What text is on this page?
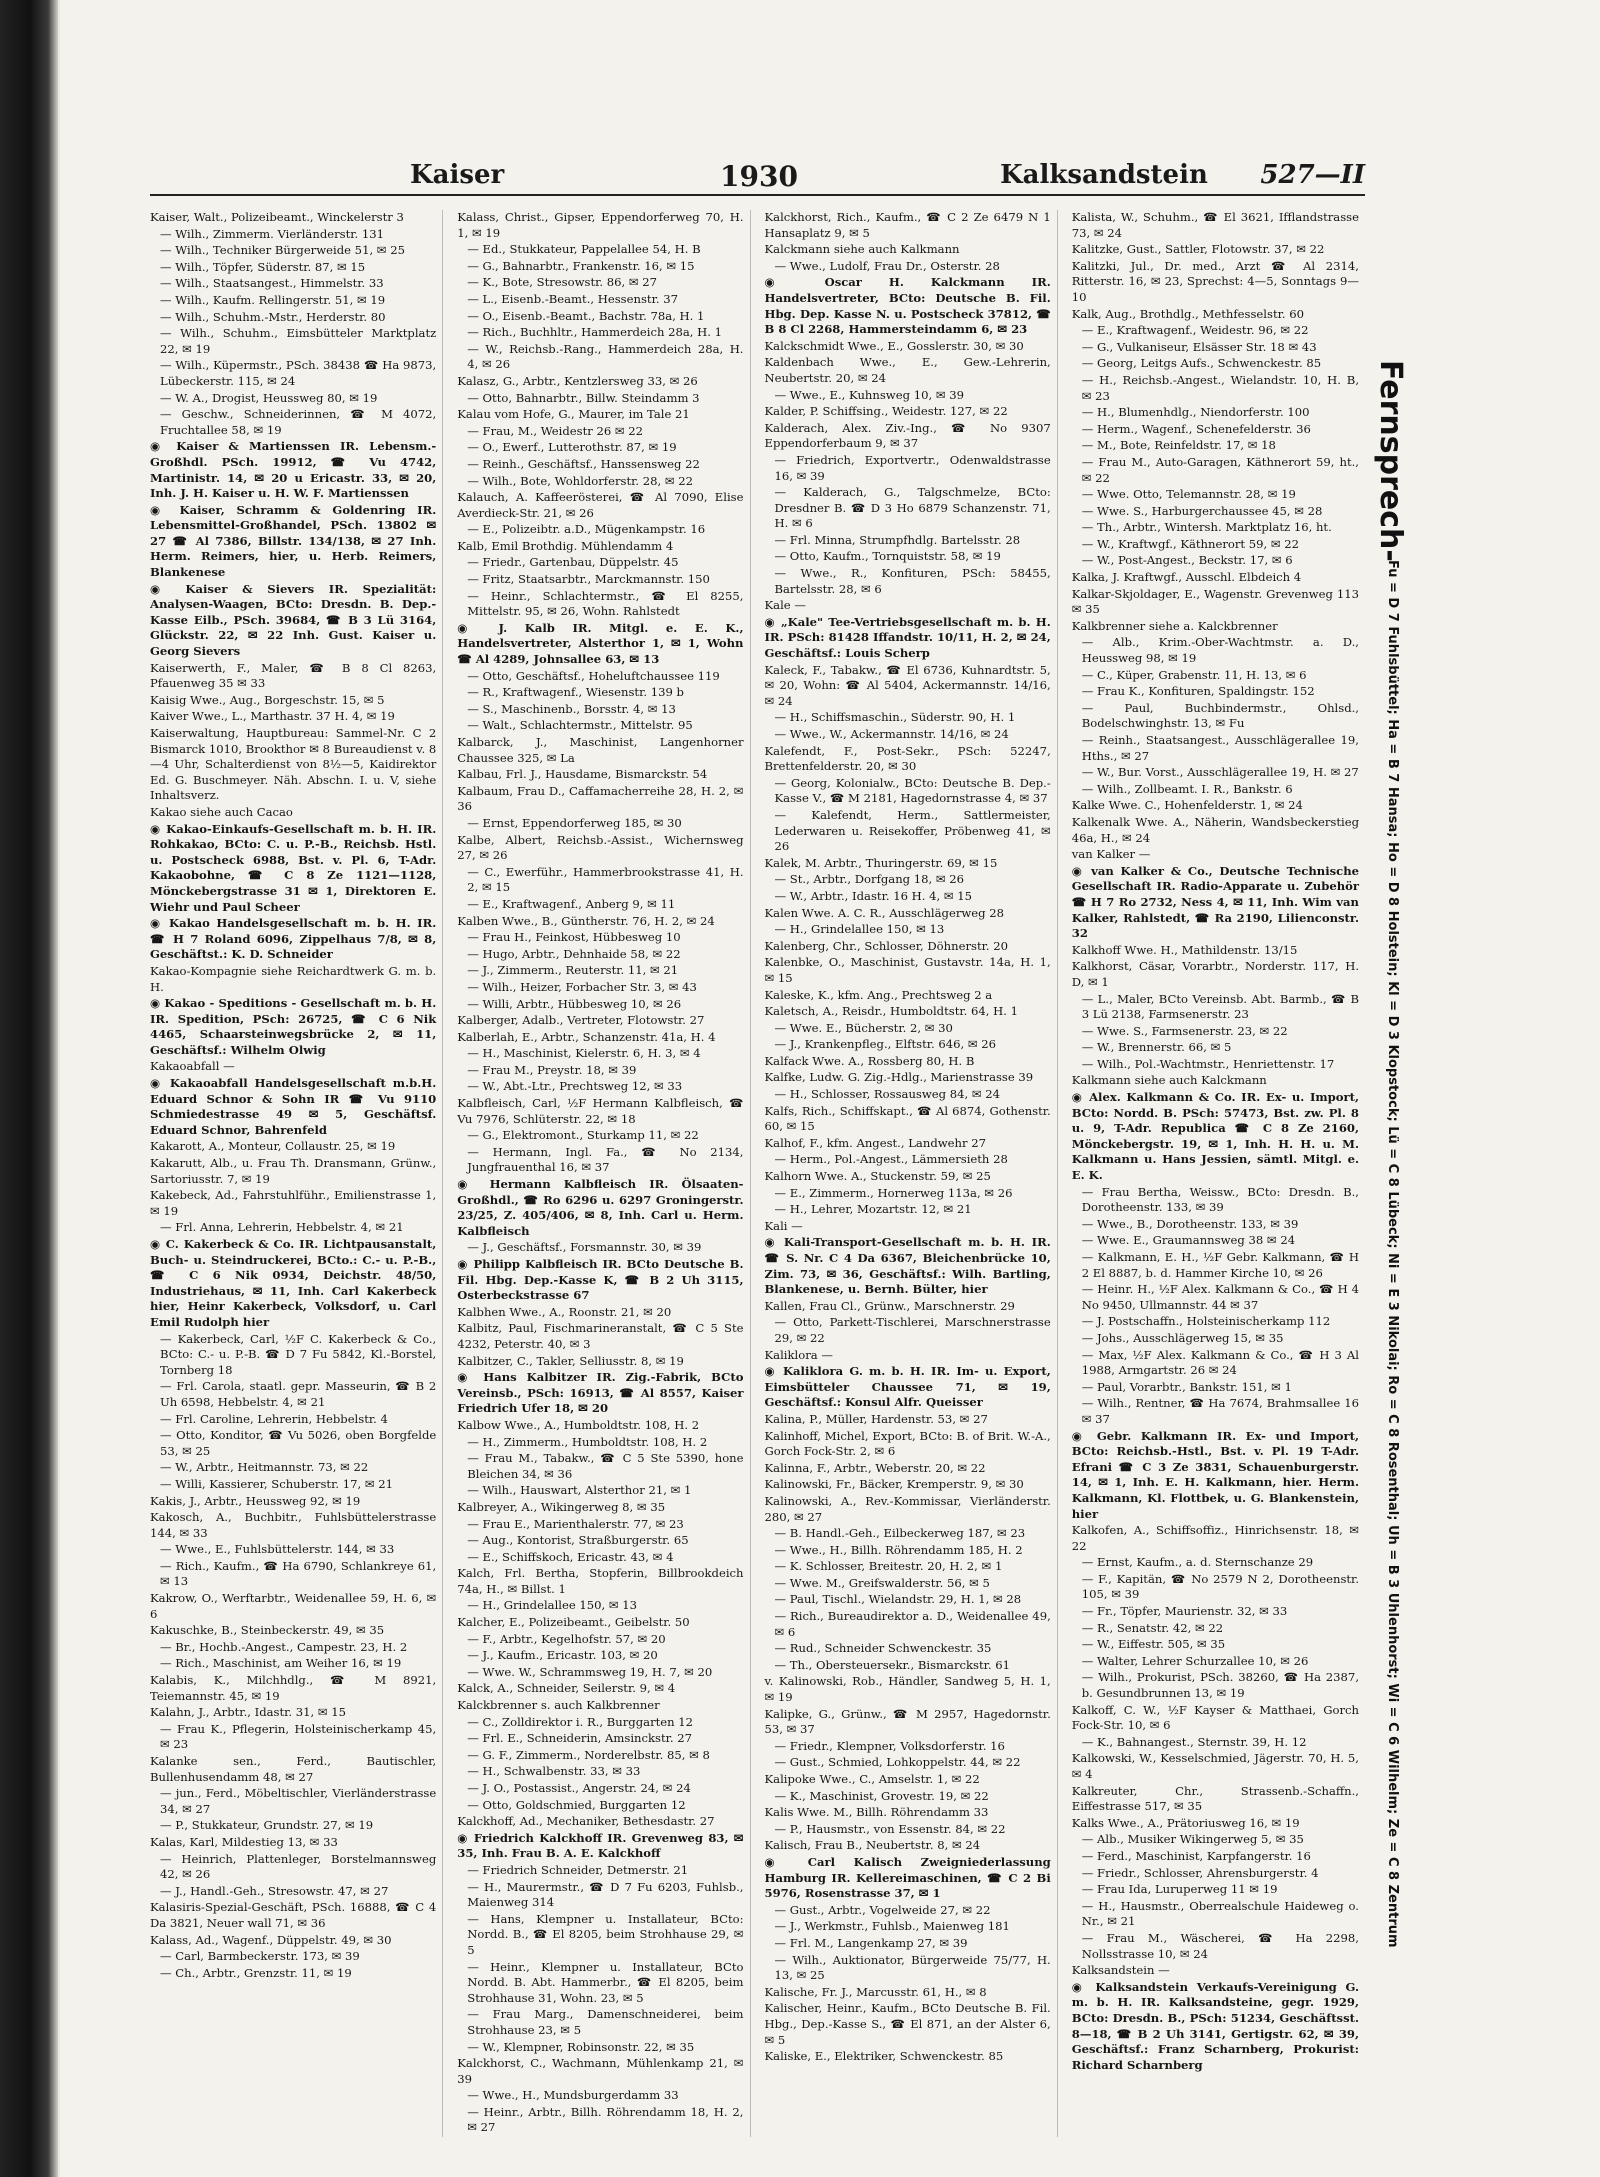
Kaiser	1930	Kalksandstein 527—II
Kaiser, Walt., Polizeibeamt., Winckelerstr 3
— Wilh., Zimmerm. Vierländerstr. 131
— Wilh., Techniker Bürgerweide 51, ✉ 25
— Wilh., Töpfer, Süderstr. 87, ✉ 15
— Wilh., Staatsangest., Himmelstr. 33
— Wilh., Kaufm. Rellingerstr. 51, ✉ 19
— Wilh., Schuhm.-Mstr., Herderstr. 80
— Wilh., Schuhm., Eimsbütteler Marktplatz 22, ✉ 19
— Wilh., Küpermstr., PSch. 38438 ☎ Ha 9873, Lübeckerstr. 115, ✉ 24
— W. A., Drogist, Heussweg 80, ✉ 19
— Geschw., Schneiderinnen, ☎ M 4072, Fruchtallee 58, ✉ 19
◉ Kaiser & Martienssen IR. Lebensm.-Großhdl. PSch. 19912, ☎ Vu 4742, Martinistr. 14, ✉ 20 u Ericastr. 33, ✉ 20, Inh. J. H. Kaiser u. H. W. F. Martienssen
◉ Kaiser, Schramm & Goldenring IR. Lebensmittel-Großhandel, PSch. 13802 ✉ 27 ☎ Al 7386, Billstr. 134/138, ✉ 27 Inh. Herm. Reimers, hier, u. Herb. Reimers, Blankenese
◉ Kaiser & Sievers IR. Spezialität: Analysen-Waagen, BCto: Dresdn. B. Dep.-Kasse Eilb., PSch. 39684, ☎ B 3 Lü 3164, Glückstr. 22, ✉ 22 Inh. Gust. Kaiser u. Georg Sievers
Kaiserwerth, F., Maler, ☎ B 8 Cl 8263, Pfauenweg 35 ✉ 33
Kaisig Wwe., Aug., Borgeschstr. 15, ✉ 5
Kaiver Wwe., L., Marthastr. 37 H. 4, ✉ 19
Kaiserwaltung, Hauptbureau: Sammel-Nr. C 2 Bismarck 1010, Brookthor ✉ 8 Bureaudienst v. 8—4 Uhr, Schalterdienst von 8½—5, Kaidirektor Ed. G. Buschmeyer. Näh. Abschn. I. u. V, siehe Inhaltsverz.
Kakao siehe auch Cacao
◉ Kakao-Einkaufs-Gesellschaft m. b. H. IR. Rohkakao, BCto: C. u. P.-B., Reichsb. Hstl. u. Postscheck 6988, Bst. v. Pl. 6, T-Adr. Kakaobohne, ☎ C 8 Ze 1121—1128, Mönckebergstrasse 31 ✉ 1, Direktoren E. Wiehr und Paul Scheer
◉ Kakao Handelsgesellschaft m. b. H. IR. ☎ H 7 Roland 6096, Zippelhaus 7/8, ✉ 8, Geschäftst.: K. D. Schneider
Kakao-Kompagnie siehe Reichardtwerk G. m. b. H.
◉ Kakao - Speditions - Gesellschaft m. b. H. IR. Spedition, PSch: 26725, ☎ C 6 Nik 4465, Schaarsteinwegsbrücke 2, ✉ 11, Geschäftsf.: Wilhelm Olwig
Kakaoabfall —
◉ Kakaoabfall Handelsgesellschaft m.b.H. Eduard Schnor & Sohn IR ☎ Vu 9110 Schmiedestrasse 49 ✉ 5, Geschäftsf. Eduard Schnor, Bahrenfeld
Kakarott, A., Monteur, Collaustr. 25, ✉ 19
Kakarutt, Alb., u. Frau Th. Dransmann, Grünw., Sartoriusstr. 7, ✉ 19
Kakebeck, Ad., Fahrstuhlführ., Emilienstrasse 1, ✉ 19
— Frl. Anna, Lehrerin, Hebbelstr. 4, ✉ 21
◉ C. Kakerbeck & Co. IR. Lichtpausanstalt, Buch- u. Steindruckerei, BCto.: C.- u. P.-B., ☎ C 6 Nik 0934, Deichstr. 48/50, Industriehaus, ✉ 11, Inh. Carl Kakerbeck hier, Heinr Kakerbeck, Volksdorf, u. Carl Emil Rudolph hier
— Kakerbeck, Carl, ½F C. Kakerbeck & Co., BCto: C.- u. P.-B. ☎ D 7 Fu 5842, Kl.-Borstel, Tornberg 18
— Frl. Carola, staatl. gepr. Masseurin, ☎ B 2 Uh 6598, Hebbelstr. 4, ✉ 21
— Frl. Caroline, Lehrerin, Hebbelstr. 4
— Otto, Konditor, ☎ Vu 5026, oben Borgfelde 53, ✉ 25
— W., Arbtr., Heitmannstr. 73, ✉ 22
— Willi, Kassierer, Schuberstr. 17, ✉ 21
Kakis, J., Arbtr., Heussweg 92, ✉ 19
Kakosch, A., Buchbitr., Fuhlsbüttelerstrasse 144, ✉ 33
— Wwe., E., Fuhlsbüttelerstr. 144, ✉ 33
— Rich., Kaufm., ☎ Ha 6790, Schlankreye 61, ✉ 13
Kakrow, O., Werftarbtr., Weidenallee 59, H. 6, ✉ 6
Kakuschke, B., Steinbeckerstr. 49, ✉ 35
— Br., Hochb.-Angest., Campestr. 23, H. 2
— Rich., Maschinist, am Weiher 16, ✉ 19
Kalabis, K., Milchhdlg., ☎ M 8921, Teiemannstr. 45, ✉ 19
Kalahn, J., Arbtr., Idastr. 31, ✉ 15
— Frau K., Pflegerin, Holsteinischerkamp 45, ✉ 23
Kalanke sen., Ferd., Bautischler, Bullenhusendamm 48, ✉ 27
— jun., Ferd., Möbeltischler, Vierländerstrasse 34, ✉ 27
— P., Stukkateur, Grundstr. 27, ✉ 19
Kalas, Karl, Mildestieg 13, ✉ 33
— Heinrich, Plattenleger, Borstelmannsweg 42, ✉ 26
— J., Handl.-Geh., Stresowstr. 47, ✉ 27
Kalasiris-Spezial-Geschäft, PSch. 16888, ☎ C 4 Da 3821, Neuer wall 71, ✉ 36
Kalass, Ad., Wagenf., Düppelstr. 49, ✉ 30
— Carl, Barmbeckerstr. 173, ✉ 39
— Ch., Arbtr., Grenzstr. 11, ✉ 19
Kalass, Christ., Gipser, Eppendorferweg 70, H. 1, ✉ 19
— Ed., Stukkateur, Pappelallee 54, H. B
— G., Bahnarbtr., Frankenstr. 16, ✉ 15
— K., Bote, Stresowstr. 86, ✉ 27
— L., Eisenb.-Beamt., Hessenstr. 37
— O., Eisenb.-Beamt., Bachstr. 78a, H. 1
— Rich., Buchhltr., Hammerdeich 28a, H. 1
— W., Reichsb.-Rang., Hammerdeich 28a, H. 4, ✉ 26
Kalasz, G., Arbtr., Kentzlersweg 33, ✉ 26
— Otto, Bahnarbtr., Billw. Steindamm 3
Kalau vom Hofe, G., Maurer, im Tale 21
— Frau, M., Weidestr 26 ✉ 22
— O., Ewerf., Lutterothstr. 87, ✉ 19
— Reinh., Geschäftsf., Hanssensweg 22
— Wilh., Bote, Wohldorferstr. 28, ✉ 22
Kalauch, A. Kaffeerösterei, ☎ Al 7090, Elise Averdieck-Str. 21, ✉ 26
— E., Polizeibtr. a.D., Mügenkampstr. 16
Kalb, Emil Brothdig. Mühlendamm 4
— Friedr., Gartenbau, Düppelstr. 45
— Fritz, Staatsarbtr., Marckmannstr. 150
— Heinr., Schlachtermstr., ☎ El 8255, Mittelstr. 95, ✉ 26, Wohn. Rahlstedt
◉ J. Kalb IR. Mitgl. e. E. K., Handelsvertreter, Alsterthor 1, ✉ 1, Wohn ☎ Al 4289, Johnsallee 63, ✉ 13
— Otto, Geschäftsf., Hoheluftchaussee 119
— R., Kraftwagenf., Wiesenstr. 139 b
— S., Maschinenb., Borsstr. 4, ✉ 13
— Walt., Schlachtermstr., Mittelstr. 95
Kalbarck, J., Maschinist, Langenhorner Chaussee 325, ✉ La
Kalbau, Frl. J., Hausdame, Bismarckstr. 54
Kalbaum, Frau D., Caffamacherreihe 28, H. 2, ✉ 36
— Ernst, Eppendorferweg 185, ✉ 30
Kalbe, Albert, Reichsb.-Assist., Wichernsweg 27, ✉ 26
— C., Ewerführ., Hammerbrookstrasse 41, H. 2, ✉ 15
— E., Kraftwagenf., Anberg 9, ✉ 11
Kalben Wwe., B., Güntherstr. 76, H. 2, ✉ 24
— Frau H., Feinkost, Hübbesweg 10
— Hugo, Arbtr., Dehnhaide 58, ✉ 22
— J., Zimmerm., Reuterstr. 11, ✉ 21
— Wilh., Heizer, Forbacher Str. 3, ✉ 43
— Willi, Arbtr., Hübbesweg 10, ✉ 26
Kalberger, Adalb., Vertreter, Flotowstr. 27
Kalberlah, E., Arbtr., Schanzenstr. 41a, H. 4
— H., Maschinist, Kielerstr. 6, H. 3, ✉ 4
— Frau M., Preystr. 18, ✉ 39
— W., Abt.-Ltr., Prechtsweg 12, ✉ 33
Kalbfleisch, Carl, ½F Hermann Kalbfleisch, ☎ Vu 7976, Schlüterstr. 22, ✉ 18
— G., Elektromont., Sturkamp 11, ✉ 22
— Hermann, Ingl. Fa., ☎ No 2134, Jungfrauenthal 16, ✉ 37
◉ Hermann Kalbfleisch IR. Ölsaaten-Großhdl., ☎ Ro 6296 u. 6297 Groningerstr. 23/25, Z. 405/406, ✉ 8, Inh. Carl u. Herm. Kalbfleisch
— J., Geschäftsf., Forsmannstr. 30, ✉ 39
◉ Philipp Kalbfleisch IR. BCto Deutsche B. Fil. Hbg. Dep.-Kasse K, ☎ B 2 Uh 3115, Osterbeckstrasse 67
Kalbhen Wwe., A., Roonstr. 21, ✉ 20
Kalbitz, Paul, Fischmarineranstalt, ☎ C 5 Ste 4232, Peterstr. 40, ✉ 3
Kalbitzer, C., Takler, Selliusstr. 8, ✉ 19
◉ Hans Kalbitzer IR. Zig.-Fabrik, BCto Vereinsb., PSch: 16913, ☎ Al 8557, Kaiser Friedrich Ufer 18, ✉ 20
Kalbow Wwe., A., Humboldtstr. 108, H. 2
— H., Zimmerm., Humboldtstr. 108, H. 2
— Frau M., Tabakw., ☎ C 5 Ste 5390, hone Bleichen 34, ✉ 36
— Wilh., Hauswart, Alsterthor 21, ✉ 1
Kalbreyer, A., Wikingerweg 8, ✉ 35
— Frau E., Marienthalerstr. 77, ✉ 23
— Aug., Kontorist, Straßburgerstr. 65
— E., Schiffskoch, Ericastr. 43, ✉ 4
Kalch, Frl. Bertha, Stopferin, Billbrookdeich 74a, H., ✉ Billst. 1
— H., Grindelallee 150, ✉ 13
Kalcher, E., Polizeibeamt., Geibelstr. 50
— F., Arbtr., Kegelhofstr. 57, ✉ 20
— J., Kaufm., Ericastr. 103, ✉ 20
— Wwe. W., Schrammsweg 19, H. 7, ✉ 20
Kalck, A., Schneider, Seilerstr. 9, ✉ 4
Kalckbrenner s. auch Kalkbrenner
— C., Zolldirektor i. R., Burggarten 12
— Frl. E., Schneiderin, Amsinckstr. 27
— G. F., Zimmerm., Norderelbstr. 85, ✉ 8
— H., Schwalbenstr. 33, ✉ 33
— J. O., Postassist., Angerstr. 24, ✉ 24
— Otto, Goldschmied, Burggarten 12
Kalckhoff, Ad., Mechaniker, Bethesdastr. 27
◉ Friedrich Kalckhoff IR. Grevenweg 83, ✉ 35, Inh. Frau B. A. E. Kalckhoff
— Friedrich Schneider, Detmerstr. 21
— H., Maurermstr., ☎ D 7 Fu 6203, Fuhlsb., Maienweg 314
— Hans, Klempner u. Installateur, BCto: Nordd. B., ☎ El 8205, beim Strohhause 29, ✉ 5
— Heinr., Klempner u. Installateur, BCto Nordd. B. Abt. Hammerbr., ☎ El 8205, beim Strohhause 31, Wohn. 23, ✉ 5
— Frau Marg., Damenschneiderei, beim Strohhause 23, ✉ 5
— W., Klempner, Robinsonstr. 22, ✉ 35
Kalckhorst, C., Wachmann, Mühlenkamp 21, ✉ 39
— Wwe., H., Mundsburgerdamm 33
— Heinr., Arbtr., Billh. Röhrendamm 18, H. 2, ✉ 27
Kalckhorst, Rich., Kaufm., ☎ C 2 Ze 6479 N 1 Hansaplatz 9, ✉ 5
Kalckmann siehe auch Kalkmann
— Wwe., Ludolf, Frau Dr., Osterstr. 28
◉ Oscar H. Kalckmann IR. Handelsvertreter, BCto: Deutsche B. Fil. Hbg. Dep. Kasse N. u. Postscheck 37812, ☎ B 8 Cl 2268, Hammersteindamm 6, ✉ 23
Kalckschmidt Wwe., E., Gosslerstr. 30, ✉ 30
Kaldenbach Wwe., E., Gew.-Lehrerin, Neubertstr. 20, ✉ 24
— Wwe., E., Kuhnsweg 10, ✉ 39
Kalder, P. Schiffsing., Weidestr. 127, ✉ 22
Kalderach, Alex. Ziv.-Ing., ☎ No 9307 Eppendorferbaum 9, ✉ 37
— Friedrich, Exportvertr., Odenwaldstrasse 16, ✉ 39
— Kalderach, G., Talgschmelze, BCto: Dresdner B. ☎ D 3 Ho 6879 Schanzenstr. 71, H. ✉ 6
— Frl. Minna, Strumpfhdlg. Bartelsstr. 28
— Otto, Kaufm., Tornquiststr. 58, ✉ 19
— Wwe., R., Konfituren, PSch: 58455, Bartelsstr. 28, ✉ 6
Kale —
◉ „Kale" Tee-Vertriebsgesellschaft m. b. H. IR. PSch: 81428 Iffandstr. 10/11, H. 2, ✉ 24, Geschäftsf.: Louis Scherp
Kaleck, F., Tabakw., ☎ El 6736, Kuhnardtstr. 5, ✉ 20, Wohn: ☎ Al 5404, Ackermannstr. 14/16, ✉ 24
— H., Schiffsmaschin., Süderstr. 90, H. 1
— Wwe., W., Ackermannstr. 14/16, ✉ 24
Kalefendt, F., Post-Sekr., PSch: 52247, Brettenfelderstr. 20, ✉ 30
— Georg, Kolonialw., BCto: Deutsche B. Dep.-Kasse V., ☎ M 2181, Hagedornstrasse 4, ✉ 37
— Kalefendt, Herm., Sattlermeister, Lederwaren u. Reisekoffer, Pröbenweg 41, ✉ 26
Kalek, M. Arbtr., Thuringerstr. 69, ✉ 15
— St., Arbtr., Dorfgang 18, ✉ 26
— W., Arbtr., Idastr. 16 H. 4, ✉ 15
Kalen Wwe. A. C. R., Ausschlägerweg 28
— H., Grindelallee 150, ✉ 13
Kalenberg, Chr., Schlosser, Döhnerstr. 20
Kalenbke, O., Maschinist, Gustavstr. 14a, H. 1, ✉ 15
Kaleske, K., kfm. Ang., Prechtsweg 2 a
Kaletsch, A., Reisdr., Humboldtstr. 64, H. 1
— Wwe. E., Bücherstr. 2, ✉ 30
— J., Krankenpfleg., Elftstr. 646, ✉ 26
Kalfack Wwe. A., Rossberg 80, H. B
Kalfke, Ludw. G. Zig.-Hdlg., Marienstrasse 39
— H., Schlosser, Rossausweg 84, ✉ 24
Kalfs, Rich., Schiffskapt., ☎ Al 6874, Gothenstr. 60, ✉ 15
Kalhof, F., kfm. Angest., Landwehr 27
— Herm., Pol.-Angest., Lämmersieth 28
Kalhorn Wwe. A., Stuckenstr. 59, ✉ 25
— E., Zimmerm., Hornerweg 113a, ✉ 26
— H., Lehrer, Mozartstr. 12, ✉ 21
Kali —
◉ Kali-Transport-Gesellschaft m. b. H. IR. ☎ S. Nr. C 4 Da 6367, Bleichenbrücke 10, Zim. 73, ✉ 36, Geschäftsf.: Wilh. Bartling, Blankenese, u. Bernh. Bülter, hier
Kallen, Frau Cl., Grünw., Marschnerstr. 29
— Otto, Parkett-Tischlerei, Marschnerstrasse 29, ✉ 22
Kaliklora —
◉ Kaliklora G. m. b. H. IR. Im- u. Export, Eimsbütteler Chaussee 71, ✉ 19, Geschäftsf.: Konsul Alfr. Queisser
Kalina, P., Müller, Hardenstr. 53, ✉ 27
Kalinhoff, Michel, Export, BCto: B. of Brit. W.-A., Gorch Fock-Str. 2, ✉ 6
Kalinna, F., Arbtr., Weberstr. 20, ✉ 22
Kalinowski, Fr., Bäcker, Kremperstr. 9, ✉ 30
Kalinowski, A., Rev.-Kommissar, Vierländerstr. 280, ✉ 27
— B. Handl.-Geh., Eilbeckerweg 187, ✉ 23
— Wwe., H., Billh. Röhrendamm 185, H. 2
— K. Schlosser, Breitestr. 20, H. 2, ✉ 1
— Wwe. M., Greifswalderstr. 56, ✉ 5
— Paul, Tischl., Wielandstr. 29, H. 1, ✉ 28
— Rich., Bureaudirektor a. D., Weidenallee 49, ✉ 6
— Rud., Schneider Schwenckestr. 35
— Th., Obersteuersekr., Bismarckstr. 61
v. Kalinowski, Rob., Händler, Sandweg 5, H. 1, ✉ 19
Kalipke, G., Grünw., ☎ M 2957, Hagedornstr. 53, ✉ 37
— Friedr., Klempner, Volksdorferstr. 16
— Gust., Schmied, Lohkoppelstr. 44, ✉ 22
Kalipoke Wwe., C., Amselstr. 1, ✉ 22
— K., Maschinist, Grovestr. 19, ✉ 22
Kalis Wwe. M., Billh. Röhrendamm 33
— P., Hausmstr., von Essenstr. 84, ✉ 22
Kalisch, Frau B., Neubertstr. 8, ✉ 24
◉ Carl Kalisch Zweigniederlassung Hamburg IR. Kellereimaschinen, ☎ C 2 Bi 5976, Rosenstrasse 37, ✉ 1
— Gust., Arbtr., Vogelweide 27, ✉ 22
— J., Werkmstr., Fuhlsb., Maienweg 181
— Frl. M., Langenkamp 27, ✉ 39
— Wilh., Auktionator, Bürgerweide 75/77, H. 13, ✉ 25
Kalische, Fr. J., Marcusstr. 61, H., ✉ 8
Kalischer, Heinr., Kaufm., BCto Deutsche B. Fil. Hbg., Dep.-Kasse S., ☎ El 871, an der Alster 6, ✉ 5
Kaliske, E., Elektriker, Schwenckestr. 85
Kalista, W., Schuhm., ☎ El 3621, Ifflandstrasse 73, ✉ 24
Kalitzke, Gust., Sattler, Flotowstr. 37, ✉ 22
Kalitzki, Jul., Dr. med., Arzt ☎ Al 2314, Ritterstr. 16, ✉ 23, Sprechst: 4—5, Sonntags 9—10
Kalk, Aug., Brothdlg., Methfesselstr. 60
— E., Kraftwagenf., Weidestr. 96, ✉ 22
— G., Vulkaniseur, Elsässer Str. 18 ✉ 43
— Georg, Leitgs Aufs., Schwenckestr. 85
— H., Reichsb.-Angest., Wielandstr. 10, H. B, ✉ 23
— H., Blumenhdlg., Niendorferstr. 100
— Herm., Wagenf., Schenefelderstr. 36
— M., Bote, Reinfeldstr. 17, ✉ 18
— Frau M., Auto-Garagen, Käthnerort 59, ht., ✉ 22
— Wwe. Otto, Telemannstr. 28, ✉ 19
— Wwe. S., Harburgerchaussee 45, ✉ 28
— Th., Arbtr., Wintersh. Marktplatz 16, ht.
— W., Kraftwgf., Käthnerort 59, ✉ 22
— W., Post-Angest., Beckstr. 17, ✉ 6
Kalka, J. Kraftwgf., Ausschl. Elbdeich 4
Kalkar-Skjoldager, E., Wagenstr. Grevenweg 113 ✉ 35
Kalkbrenner siehe a. Kalckbrenner
— Alb., Krim.-Ober-Wachtmstr. a. D., Heussweg 98, ✉ 19
— C., Küper, Grabenstr. 11, H. 13, ✉ 6
— Frau K., Konfituren, Spaldingstr. 152
— Paul, Buchbindermstr., Ohlsd., Bodelschwinghstr. 13, ✉ Fu
— Reinh., Staatsangest., Ausschlägerallee 19, Hths., ✉ 27
— W., Bur. Vorst., Ausschlägerallee 19, H. ✉ 27
— Wilh., Zollbeamt. I. R., Bankstr. 6
Kalke Wwe. C., Hohenfelderstr. 1, ✉ 24
Kalkenalk Wwe. A., Näherin, Wandsbeckerstieg 46a, H., ✉ 24
van Kalker —
◉ van Kalker & Co., Deutsche Technische Gesellschaft IR. Radio-Apparate u. Zubehör ☎ H 7 Ro 2732, Ness 4, ✉ 11, Inh. Wim van Kalker, Rahlstedt, ☎ Ra 2190, Lilienconstr. 32
Kalkhoff Wwe. H., Mathildenstr. 13/15
Kalkhorst, Cäsar, Vorarbtr., Norderstr. 117, H. D, ✉ 1
— L., Maler, BCto Vereinsb. Abt. Barmb., ☎ B 3 Lü 2138, Farmsenerstr. 23
— Wwe. S., Farmsenerstr. 23, ✉ 22
— W., Brennerstr. 66, ✉ 5
— Wilh., Pol.-Wachtmstr., Henriettenstr. 17
Kalkmann siehe auch Kalckmann
◉ Alex. Kalkmann & Co. IR. Ex- u. Import, BCto: Nordd. B. PSch: 57473, Bst. zw. Pl. 8 u. 9, T-Adr. Republica ☎ C 8 Ze 2160, Mönckebergstr. 19, ✉ 1, Inh. H. H. u. M. Kalkmann u. Hans Jessien, sämtl. Mitgl. e. E. K.
— Frau Bertha, Weissw., BCto: Dresdn. B., Dorotheenstr. 133, ✉ 39
— Wwe., B., Dorotheenstr. 133, ✉ 39
— Wwe. E., Graumannsweg 38 ✉ 24
— Kalkmann, E. H., ½F Gebr. Kalkmann, ☎ H 2 El 8887, b. d. Hammer Kirche 10, ✉ 26
— Heinr. H., ½F Alex. Kalkmann & Co., ☎ H 4 No 9450, Ullmannstr. 44 ✉ 37
— J. Postschaffn., Holsteinischerkamp 112
— Johs., Ausschlägerweg 15, ✉ 35
— Max, ½F Alex. Kalkmann & Co., ☎ H 3 Al 1988, Armgartstr. 26 ✉ 24
— Paul, Vorarbtr., Bankstr. 151, ✉ 1
— Wilh., Rentner, ☎ Ha 7674, Brahmsallee 16 ✉ 37
◉ Gebr. Kalkmann IR. Ex- und Import, BCto: Reichsb.-Hstl., Bst. v. Pl. 19 T-Adr. Efrani ☎ C 3 Ze 3831, Schauenburgerstr. 14, ✉ 1, Inh. E. H. Kalkmann, hier. Herm. Kalkmann, Kl. Flottbek, u. G. Blankenstein, hier
Kalkofen, A., Schiffsoffiz., Hinrichsenstr. 18, ✉ 22
— Ernst, Kaufm., a. d. Sternschanze 29
— F., Kapitän, ☎ No 2579 N 2, Dorotheenstr. 105, ✉ 39
— Fr., Töpfer, Maurienstr. 32, ✉ 33
— R., Senatstr. 42, ✉ 22
— W., Eiffestr. 505, ✉ 35
— Walter, Lehrer Schurzallee 10, ✉ 26
— Wilh., Prokurist, PSch. 38260, ☎ Ha 2387, b. Gesundbrunnen 13, ✉ 19
Kalkoff, C. W., ½F Kayser & Matthaei, Gorch Fock-Str. 10, ✉ 6
— K., Bahnangest., Sternstr. 39, H. 12
Kalkowski, W., Kesselschmied, Jägerstr. 70, H. 5, ✉ 4
Kalkreuter, Chr., Strassenb.-Schaffn., Eiffestrasse 517, ✉ 35
Kalks Wwe., A., Prätoriusweg 16, ✉ 19
— Alb., Musiker Wikingerweg 5, ✉ 35
— Ferd., Maschinist, Karpfangerstr. 16
— Friedr., Schlosser, Ahrensburgerstr. 4
— Frau Ida, Luruperweg 11 ✉ 19
— H., Hausmstr., Oberrealschule Haideweg o. Nr., ✉ 21
— Frau M., Wäscherei, ☎ Ha 2298, Nollsstrasse 10, ✉ 24
Kalksandstein —
◉ Kalksandstein Verkaufs-Vereinigung G. m. b. H. IR. Kalksandsteine, gegr. 1929, BCto: Dresdn. B., PSch: 51234, Geschäftsst. 8—18, ☎ B 2 Uh 3141, Gertigstr. 62, ✉ 39, Geschäftsf.: Franz Scharnberg, Prokurist: Richard Scharnberg
Fernsprech-
Fu = D 7 Fuhlsbüttel; Ha = B 7 Hansa; Ho = D 8 Holstein; Kl = D 3 Klopstock; Lü = C 8 Lübeck; Ni = E 3 Nikolai; Ro = C 8 Rosenthal; Uh = B 3 Uhlenhorst; Wi = C 6 Wilhelm; Ze = C 8 Zentrum
